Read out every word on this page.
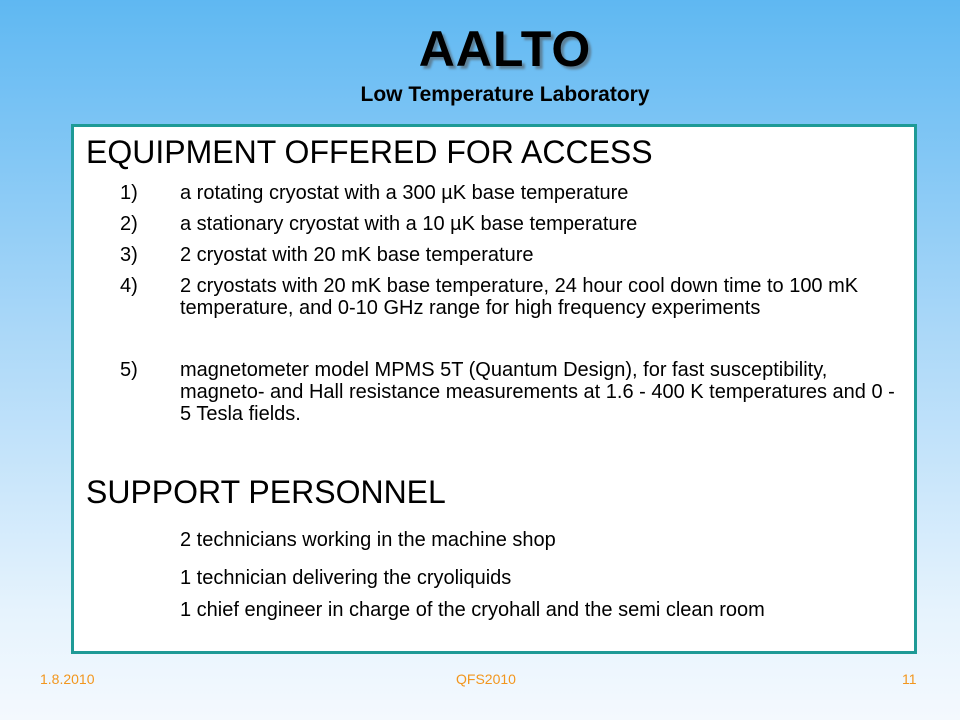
AALTO
Low Temperature Laboratory
EQUIPMENT OFFERED FOR ACCESS
1)	a rotating cryostat with a 300 µK base temperature
2)	a stationary cryostat with a 10 µK base temperature
3)	2 cryostat with 20 mK base temperature
4)	2 cryostats with 20 mK base temperature, 24 hour cool down time to 100 mK temperature, and 0-10 GHz range for high frequency experiments
5)	magnetometer model MPMS 5T (Quantum Design), for fast susceptibility, magneto- and Hall resistance measurements at 1.6 - 400 K temperatures and 0 - 5 Tesla fields.
SUPPORT PERSONNEL
2 technicians working in the machine shop
1 technician delivering the cryoliquids
1 chief engineer in charge of the cryohall and the semi clean room
1.8.2010	QFS2010	11
